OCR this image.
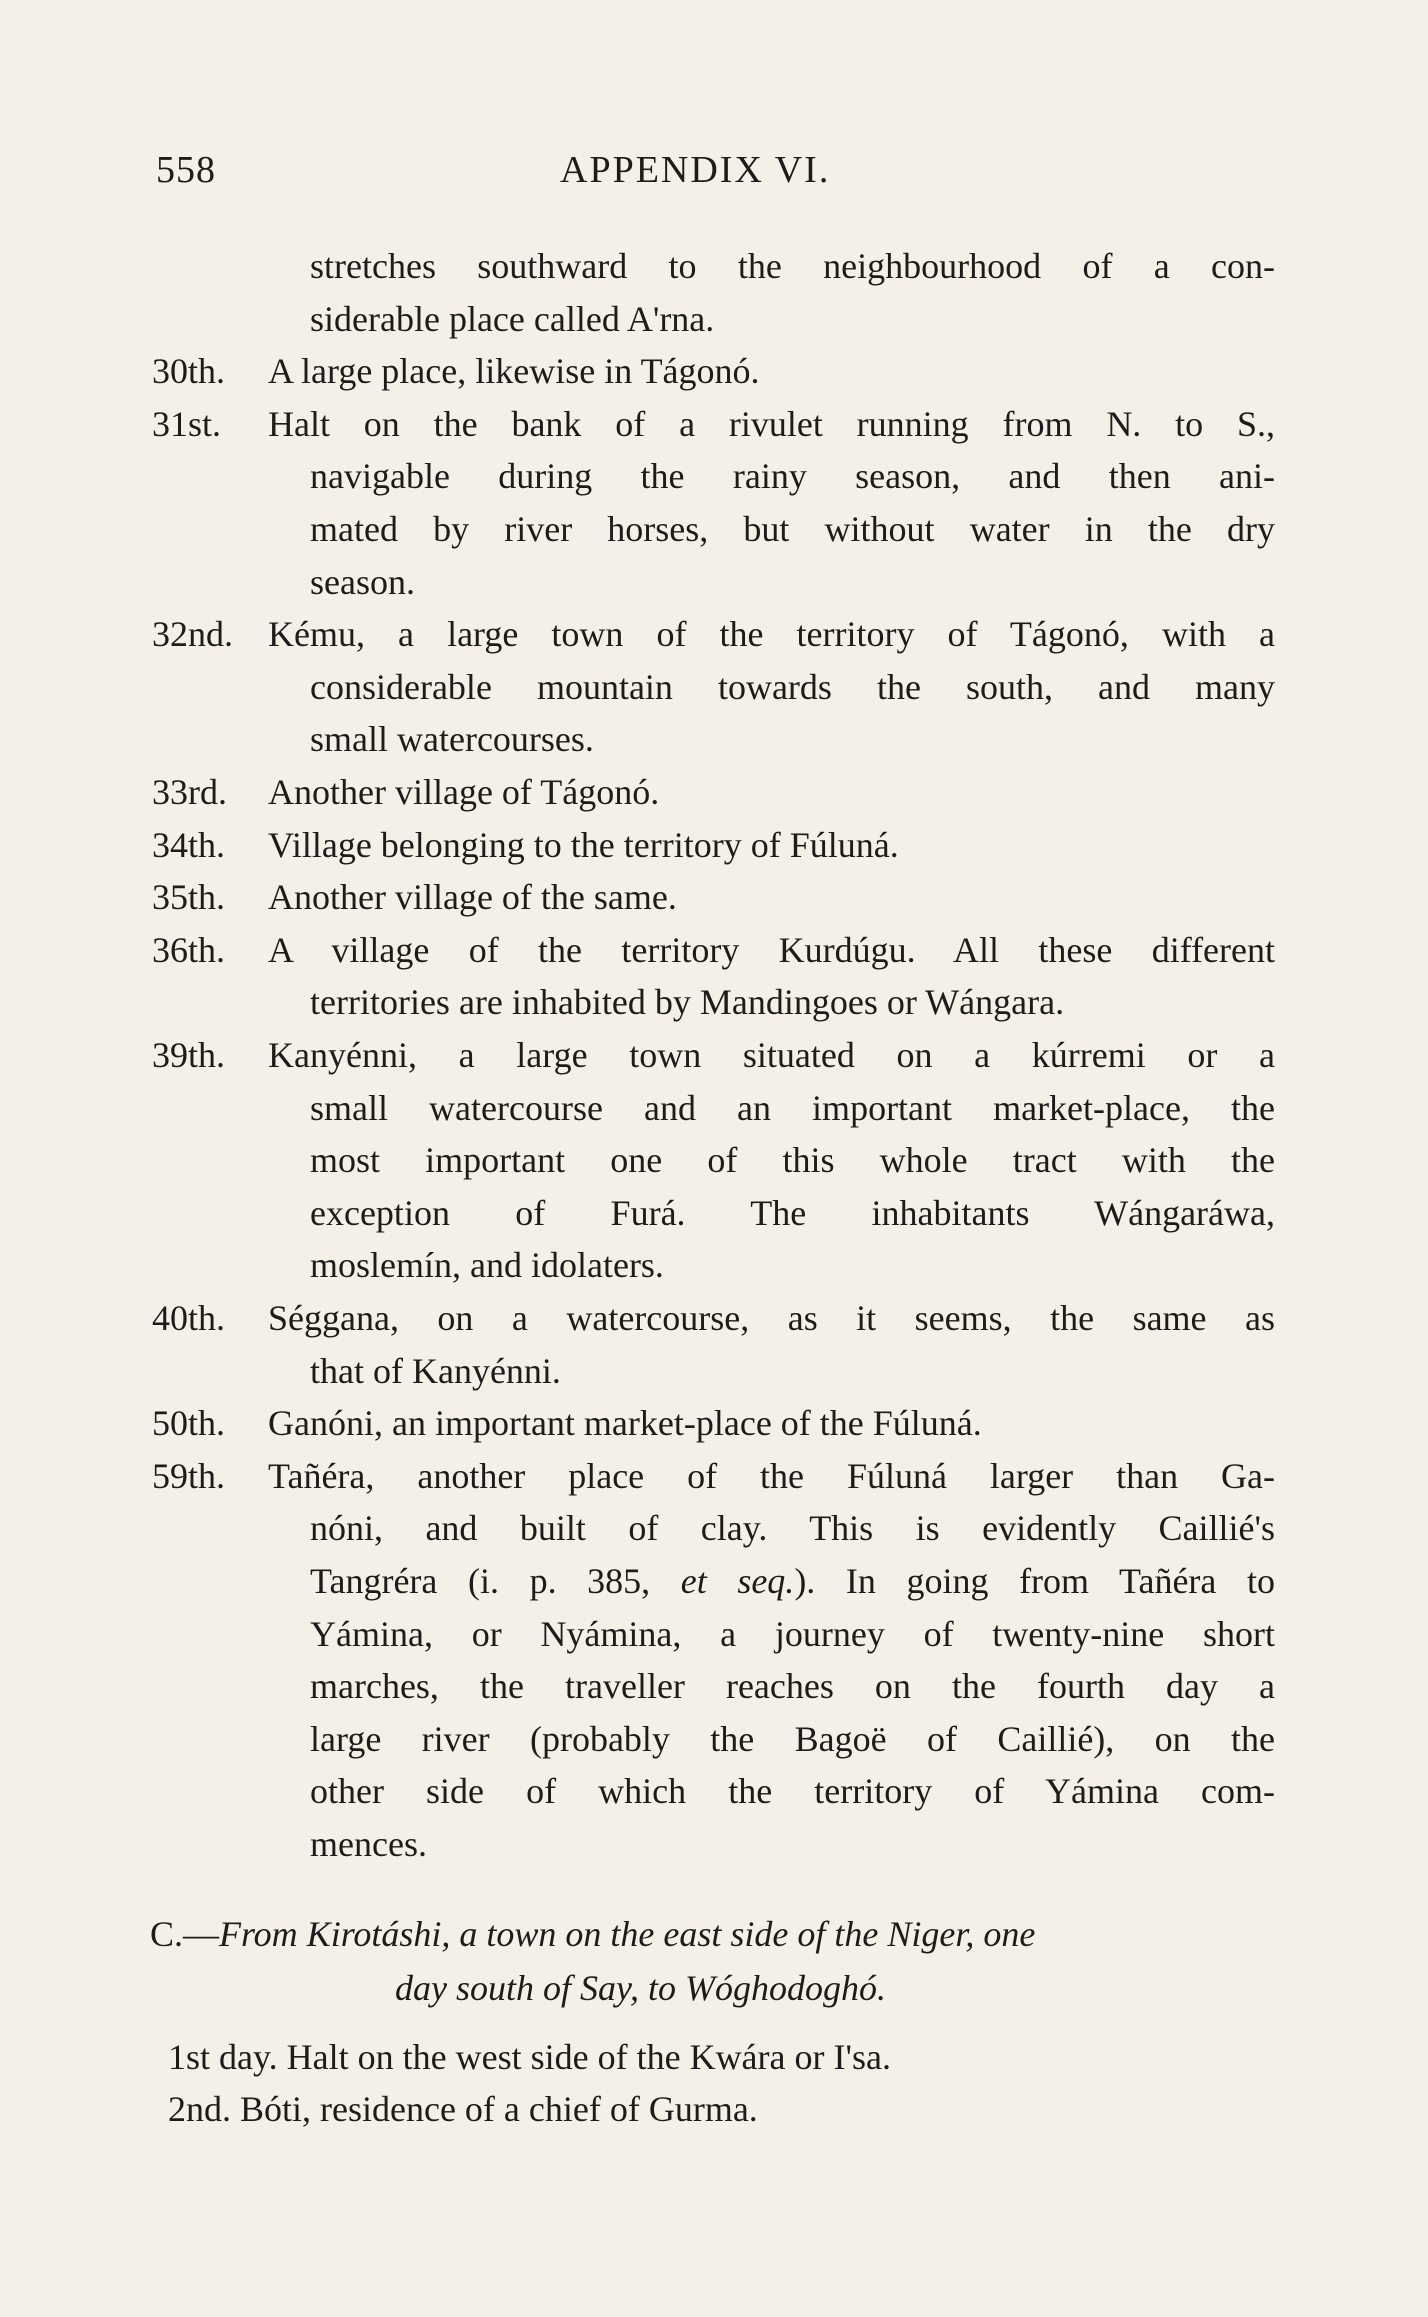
558	APPENDIX VI.
stretches southward to the neighbourhood of a con-
siderable place called A'rna.
30th. A large place, likewise in Tágonó.
31st. Halt on the bank of a rivulet running from N. to S.,
navigable during the rainy season, and then ani-
mated by river horses, but without water in the dry
season.
32nd. Kému, a large town of the territory of Tágonó, with a
considerable mountain towards the south, and many
small watercourses.
33rd. Another village of Tágonó.
34th. Village belonging to the territory of Fúluná.
35th. Another village of the same.
36th. A village of the territory Kurdúgu. All these different
territories are inhabited by Mandingoes or Wángara.
39th. Kanyénni, a large town situated on a kúrremi or a
small watercourse and an important market-place, the
most important one of this whole tract with the
exception of Furá. The inhabitants Wángaráwa,
moslemín, and idolaters.
40th. Séggana, on a watercourse, as it seems, the same as
that of Kanyénni.
50th. Ganóni, an important market-place of the Fúluná.
59th. Tañéra, another place of the Fúluná larger than Ga-
nóni, and built of clay. This is evidently Caillié's
Tangréra (i. p. 385, et seq.). In going from Tañéra to
Yámina, or Nyámina, a journey of twenty-nine short
marches, the traveller reaches on the fourth day a
large river (probably the Bagoë of Caillié), on the
other side of which the territory of Yámina com-
mences.
C.—From Kirotáshi, a town on the east side of the Niger, one
day south of Say, to Wóghodoghó.
1st day. Halt on the west side of the Kwára or I'sa.
2nd. Bóti, residence of a chief of Gurma.
